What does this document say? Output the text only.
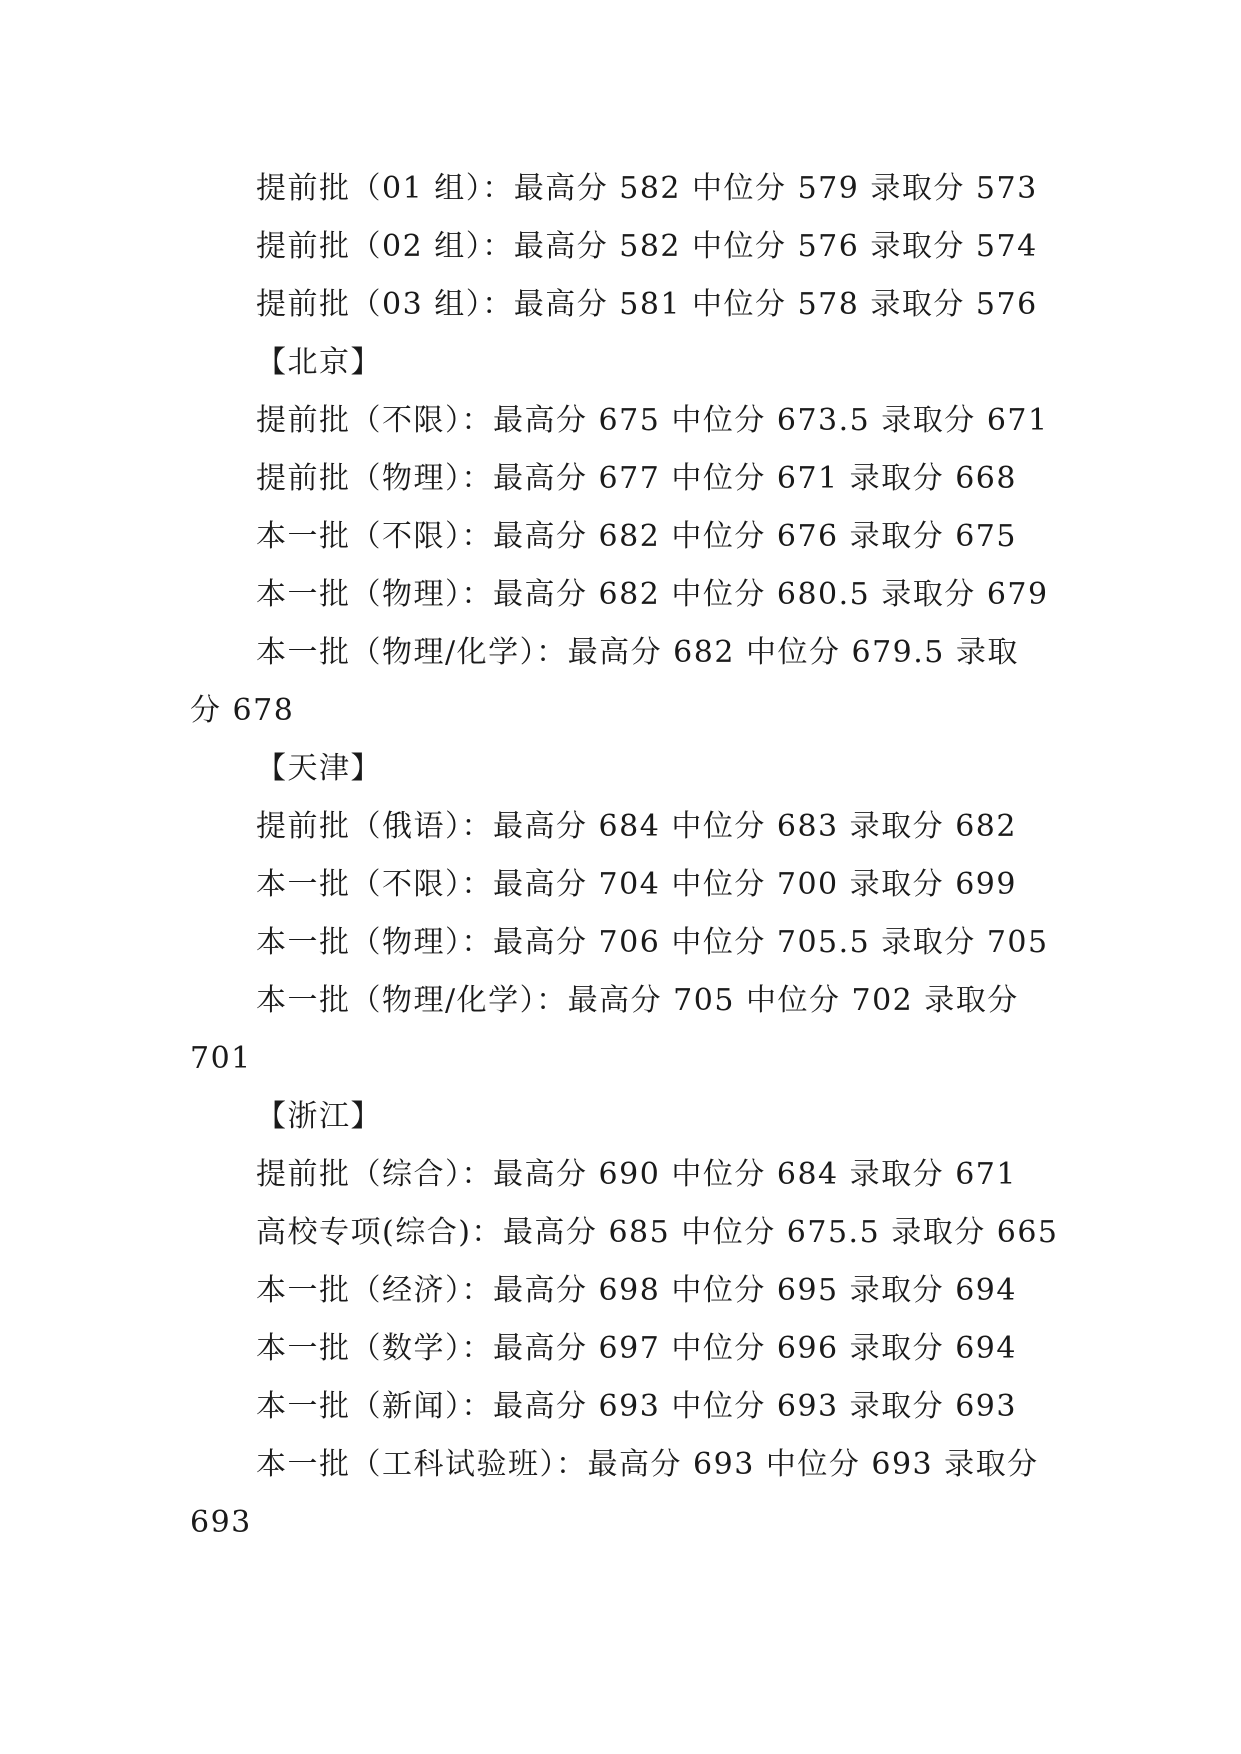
提前批（01 组）：最高分 582 中位分 579 录取分 573
提前批（02 组）：最高分 582 中位分 576 录取分 574
提前批（03 组）：最高分 581 中位分 578 录取分 576
【北京】
提前批（不限）：最高分 675 中位分 673.5 录取分 671
提前批（物理）：最高分 677 中位分 671 录取分 668
本一批（不限）：最高分 682 中位分 676 录取分 675
本一批（物理）：最高分 682 中位分 680.5 录取分 679
本一批（物理/化学）：最高分 682 中位分 679.5 录取
分 678
【天津】
提前批（俄语）：最高分 684 中位分 683 录取分 682
本一批（不限）：最高分 704 中位分 700 录取分 699
本一批（物理）：最高分 706 中位分 705.5 录取分 705
本一批（物理/化学）：最高分 705 中位分 702 录取分
701
【浙江】
提前批（综合）：最高分 690 中位分 684 录取分 671
高校专项(综合)：最高分 685 中位分 675.5 录取分 665
本一批（经济）：最高分 698 中位分 695 录取分 694
本一批（数学）：最高分 697 中位分 696 录取分 694
本一批（新闻）：最高分 693 中位分 693 录取分 693
本一批（工科试验班）：最高分 693 中位分 693 录取分
693
